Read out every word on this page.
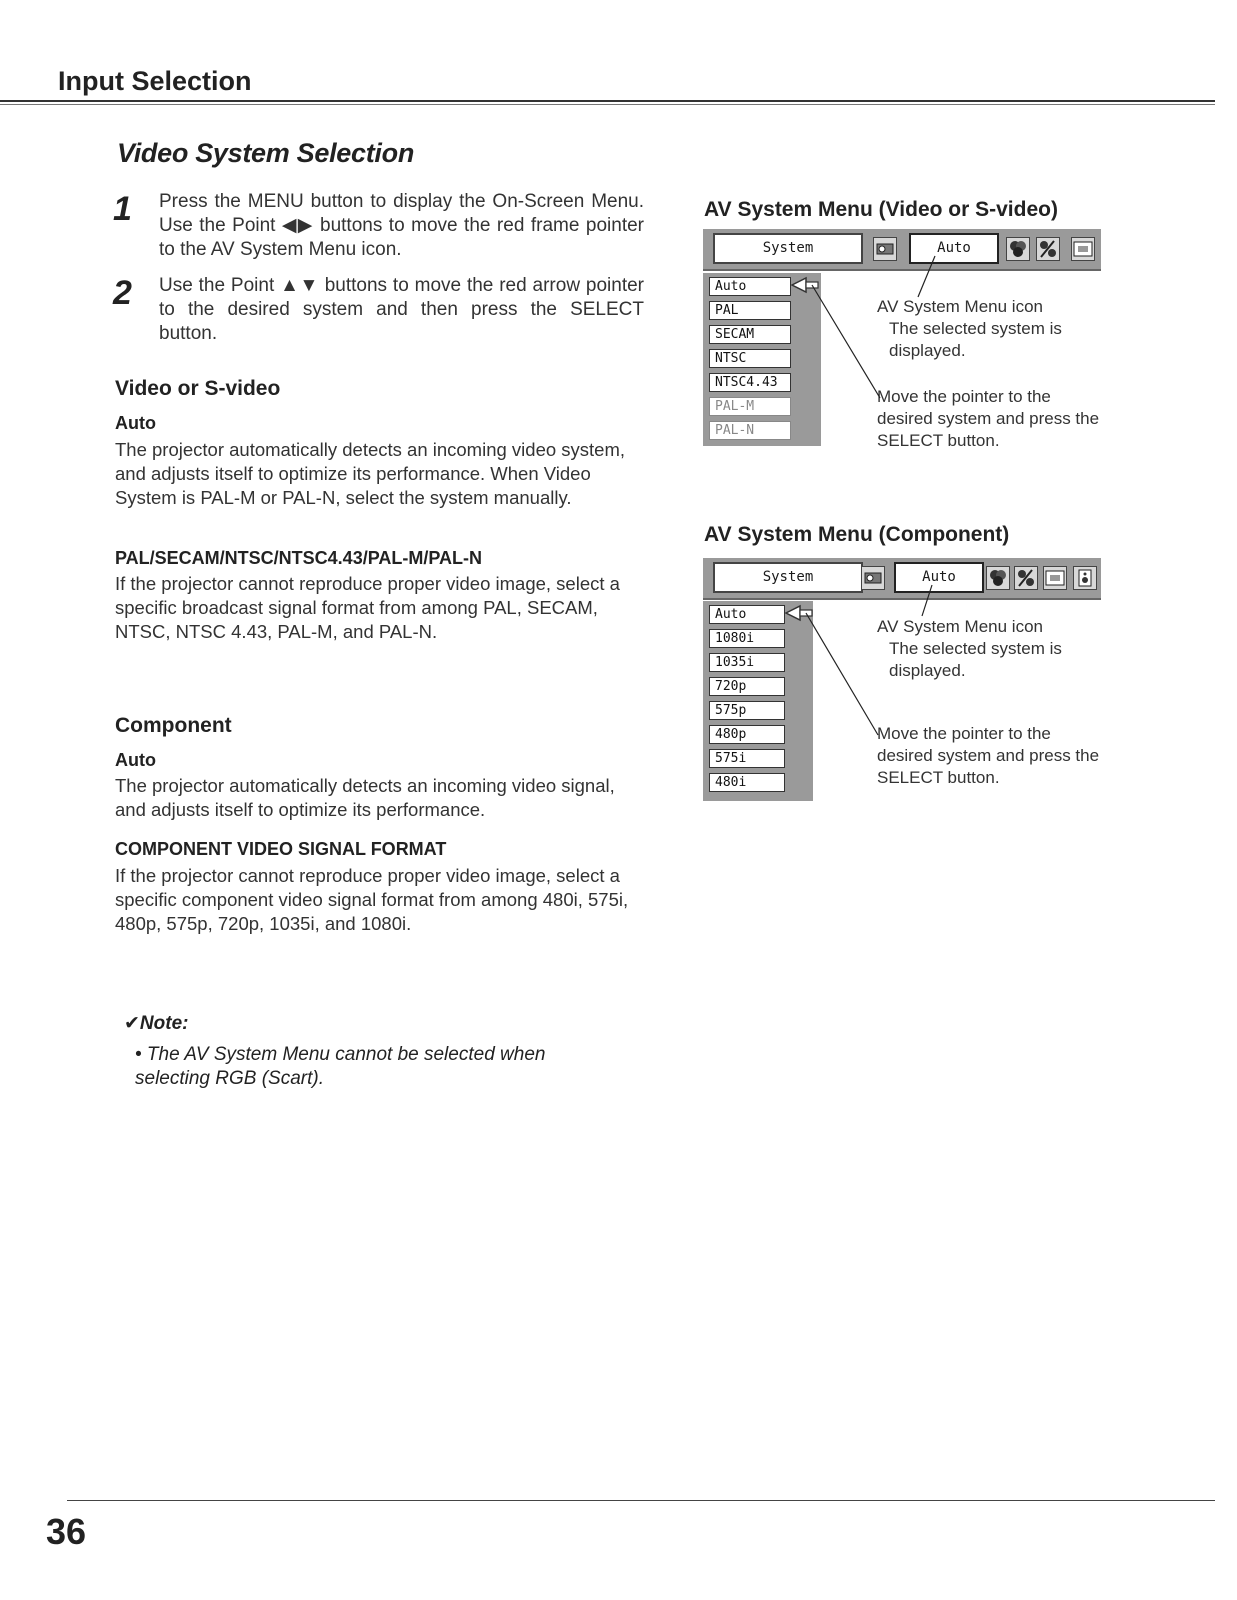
Input Selection
Video System Selection
1 Press the MENU button to display the On-Screen Menu. Use the Point ◀▶ buttons to move the red frame pointer to the AV System Menu icon.
2 Use the Point ▲▼ buttons to move the red arrow pointer to the desired system and then press the SELECT button.
Video or S-video
Auto
The projector automatically detects an incoming video system, and adjusts itself to optimize its performance. When Video System is PAL-M or PAL-N, select the system manually.
PAL/SECAM/NTSC/NTSC4.43/PAL-M/PAL-N
If the projector cannot reproduce proper video image, select a specific broadcast signal format from among PAL, SECAM, NTSC, NTSC 4.43, PAL-M, and PAL-N.
Component
Auto
The projector automatically detects an incoming video signal, and adjusts itself to optimize its performance.
COMPONENT VIDEO SIGNAL FORMAT
If the projector cannot reproduce proper video image, select a specific component video signal format from among 480i, 575i, 480p, 575p, 720p, 1035i, and 1080i.
✔Note:
• The AV System Menu cannot be selected when selecting RGB (Scart).
AV System Menu (Video or S-video)
System	Auto
Auto
PAL
SECAM
NTSC
NTSC4.43
PAL-M
PAL-N
AV System Menu icon
The selected system is displayed.
Move the pointer to the desired system and press the SELECT button.
AV System Menu (Component)
System	Auto
Auto
1080i
1035i
720p
575p
480p
575i
480i
AV System Menu icon
The selected system is displayed.
Move the pointer to the desired system and press the SELECT button.
36
